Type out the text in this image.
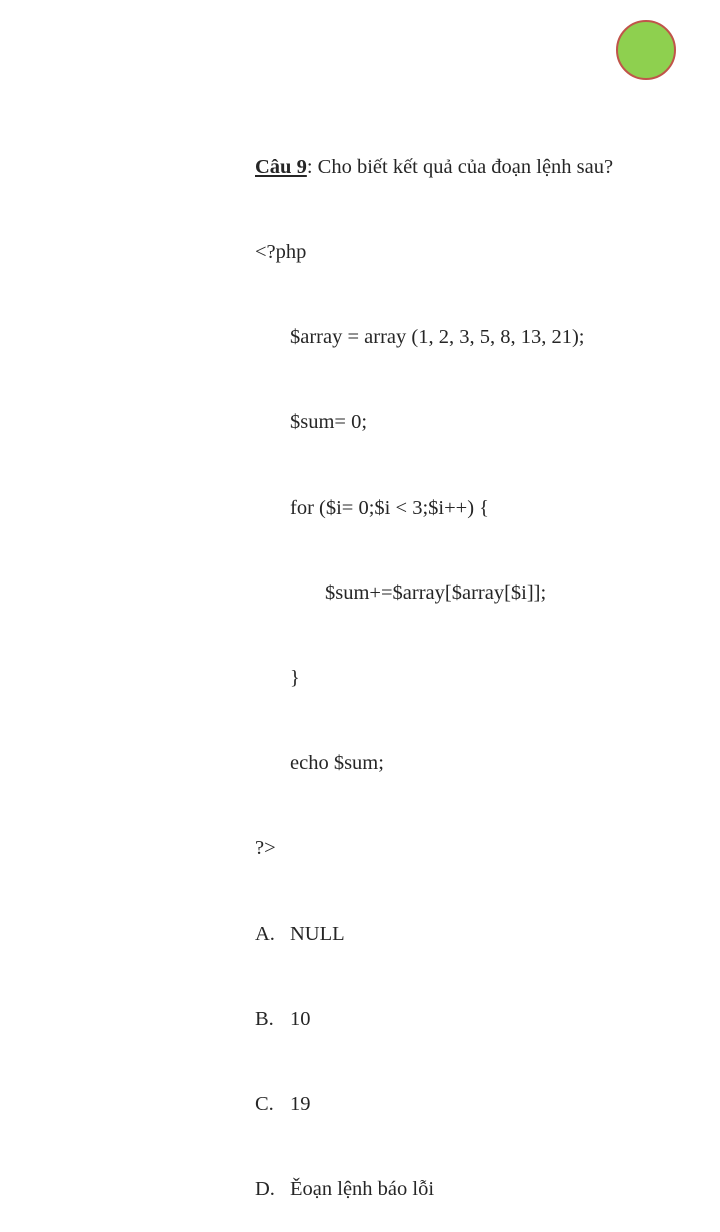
Câu 9: Cho biết kết quả của đoạn lệnh sau?

<?php

$array = array (1, 2, 3, 5, 8, 13, 21);

$sum= 0;

for ($i= 0;$i < 3;$i++) {

$sum+=$array[$array[$i]];

}

echo $sum;

?>

A. NULL

B. 10

C. 19

D. Ěoạn lệnh báo lỗi
